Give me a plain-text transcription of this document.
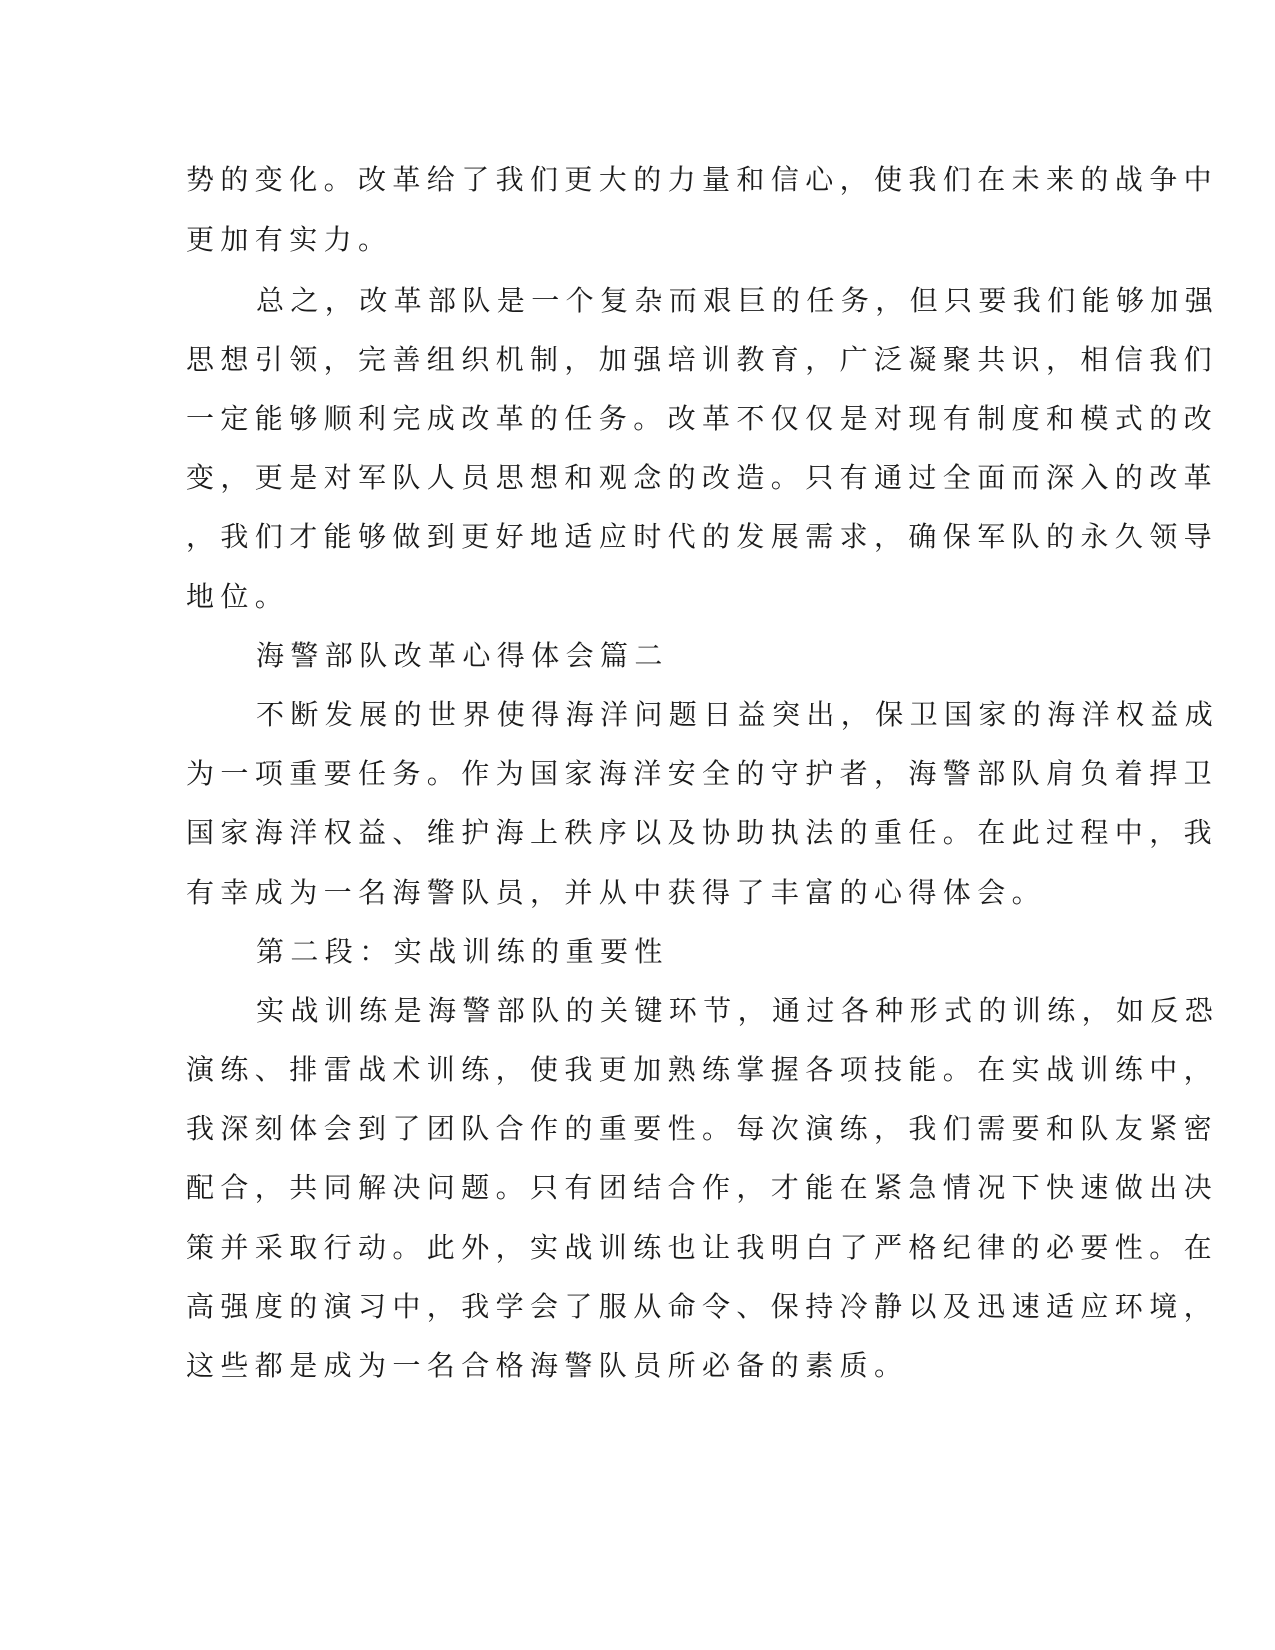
势的变化。改革给了我们更大的力量和信心，使我们在未来的战争中
更加有实力。
总之，改革部队是一个复杂而艰巨的任务，但只要我们能够加强
思想引领，完善组织机制，加强培训教育，广泛凝聚共识，相信我们
一定能够顺利完成改革的任务。改革不仅仅是对现有制度和模式的改
变，更是对军队人员思想和观念的改造。只有通过全面而深入的改革
，我们才能够做到更好地适应时代的发展需求，确保军队的永久领导
地位。
海警部队改革心得体会篇二
不断发展的世界使得海洋问题日益突出，保卫国家的海洋权益成
为一项重要任务。作为国家海洋安全的守护者，海警部队肩负着捍卫
国家海洋权益、维护海上秩序以及协助执法的重任。在此过程中，我
有幸成为一名海警队员，并从中获得了丰富的心得体会。
第二段：实战训练的重要性
实战训练是海警部队的关键环节，通过各种形式的训练，如反恐
演练、排雷战术训练，使我更加熟练掌握各项技能。在实战训练中，
我深刻体会到了团队合作的重要性。每次演练，我们需要和队友紧密
配合，共同解决问题。只有团结合作，才能在紧急情况下快速做出决
策并采取行动。此外，实战训练也让我明白了严格纪律的必要性。在
高强度的演习中，我学会了服从命令、保持冷静以及迅速适应环境，
这些都是成为一名合格海警队员所必备的素质。
